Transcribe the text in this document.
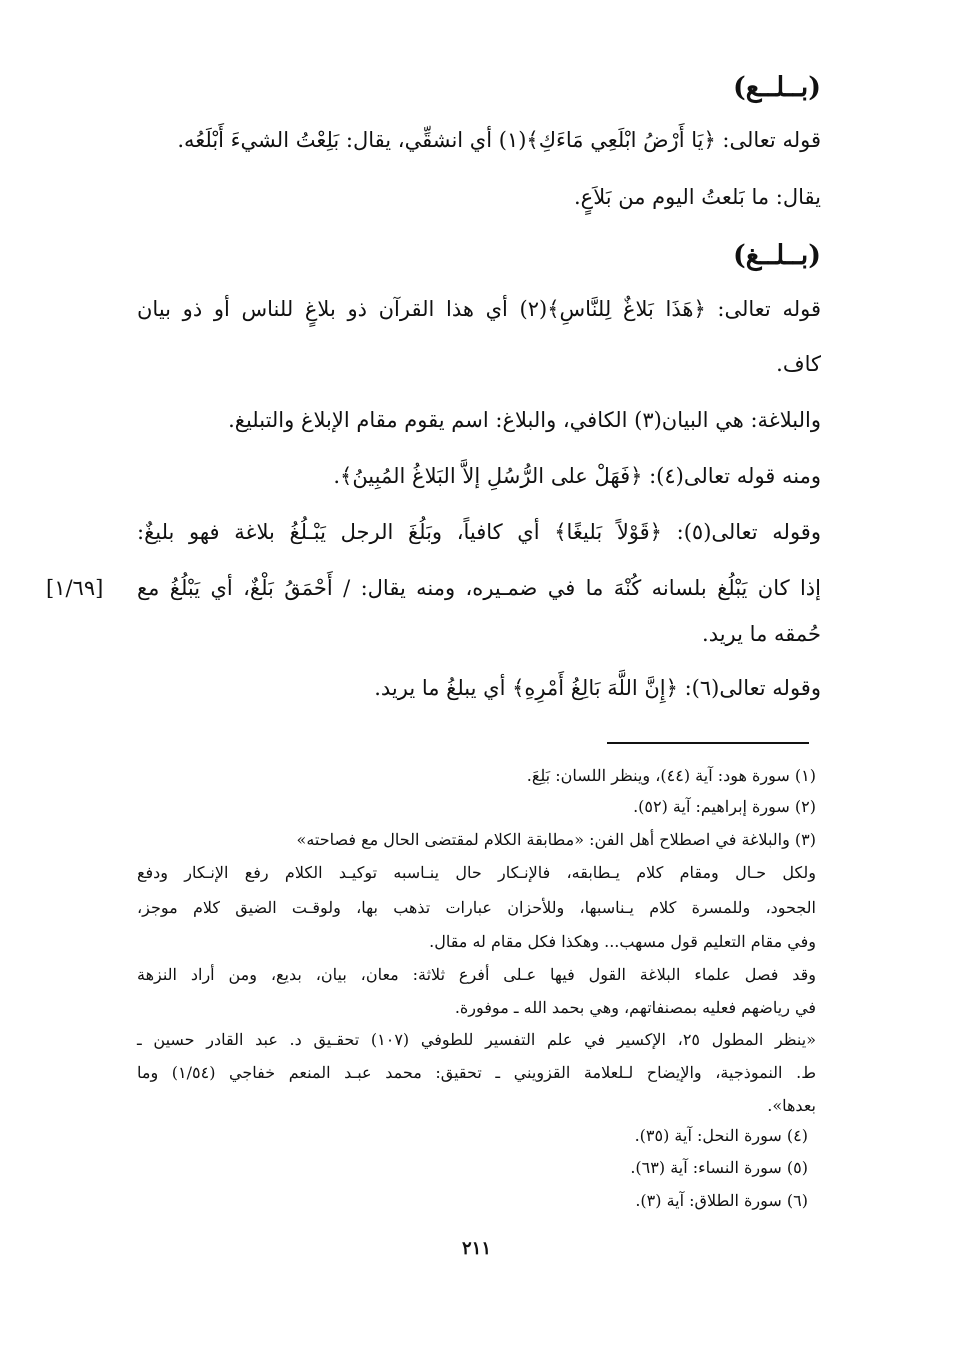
(بــلــع)
قوله تعالى: ﴿يَا أَرْضُ ابْلَعِي مَاءَكِ﴾(١) أي انشقِّي، يقال: بَلِعْتُ الشيءَ أَبْلَعُه.
يقال: ما بَلعتُ اليوم من بَلاَعٍ.
(بــلــغ)
قوله تعالى: ﴿هَذَا بَلاغٌ لِلنَّاسِ﴾(٢) أي هذا القرآن ذو بلاغٍ للناس أو ذو بيان
كاف.
والبلاغة: هي البيان(٣) الكافي، والبلاغ: اسم يقوم مقام الإبلاغ والتبليغ.
ومنه قوله تعالى(٤): ﴿فَهَلْ على الرُّسُلِ إلاَّ البَلاغُ المُبِينُ﴾.
وقوله تعالى(٥): ﴿قَوْلاً بَليغًا﴾ أي كافياً، وبَلُغَ الرجل يَبْـلُغُ بلاغة فهو بليغٌ:
إذا كان يَبْلُغ بلسانه كُنْهَ ما في ضمـيره، ومنه يقال: / أَحْمَقُ بَلْغٌ، أي يَبْلُغُ مع
[١/٦٩]
حُمقه ما يريد.
وقوله تعالى(٦): ﴿إِنَّ اللَّهَ بَالِغُ أَمْرِهِ﴾ أي يبلغُ ما يريد.
(١) سورة هود: آية (٤٤)، وينظر اللسان: بَلِعَ.
(٢) سورة إبراهيم: آية (٥٢).
(٣) والبلاغة في اصطلاح أهل الفن: «مطابقة الكلام لمقتضى الحال مع فصاحته»
ولكل حـال ومقام كلام يـطابقه، فالإنـكار حال ينـاسبه توكيـد الكلام رفع الإنـكار ودفع
الجحود، وللمسرة كلام يـناسبها، وللأحزان عبارات تذهب بها، ولوقـت الضيق كلام موجز،
وفي مقام التعليم قول مسهب... وهكذا فكل مقام له مقال.
وقد فصل علماء البلاغة القول فيها عـلى أفرع ثلاثة: معان، بيان، بديع، ومن أراد النزهة
في رياضهم فعليه بمصنفاتهم، وهي بحمد الله ـ موفورة.
«ينظر المطول ٢٥، الإكسير في علم التفسير للطوفي (١٠٧) تحقـيق د. عبد القادر حسين ـ
ط. النموذجية، والإيضاح لـلعلامة القزويني ـ تحقيق: محمد عبـد المنعم خفاجي (١/٥٤) وما
بعدها».
(٤) سورة النحل: آية (٣٥).
(٥) سورة النساء: آية (٦٣).
(٦) سورة الطلاق: آية (٣).
٢١١
